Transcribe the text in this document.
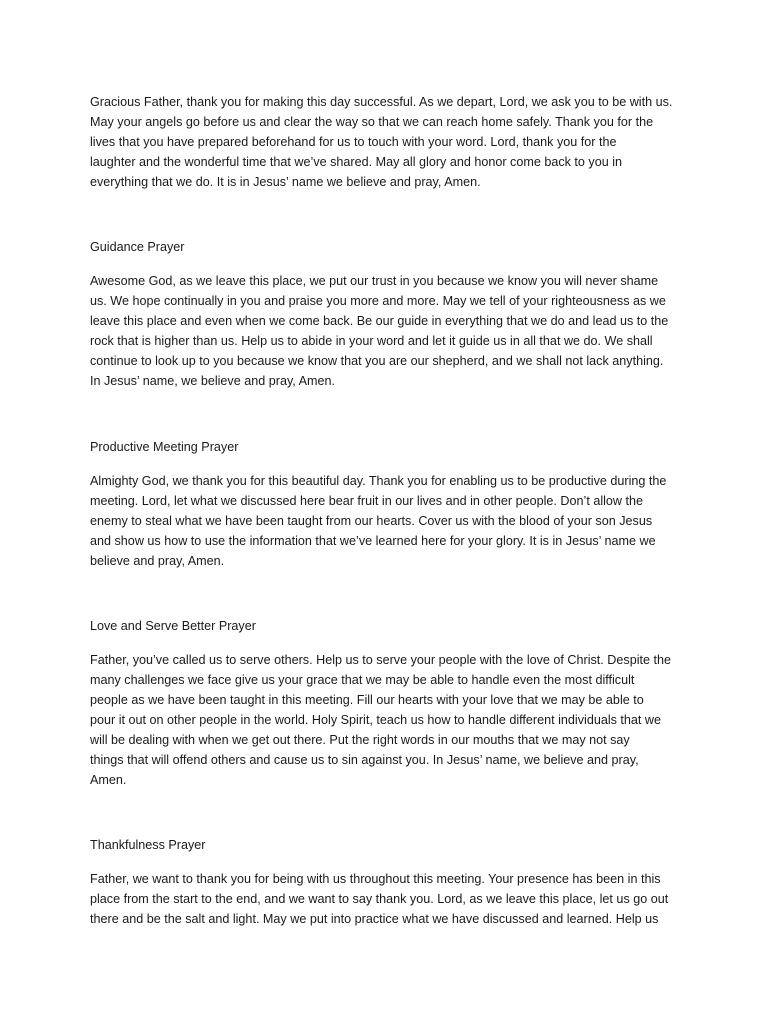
Gracious Father, thank you for making this day successful. As we depart, Lord, we ask you to be with us.
May your angels go before us and clear the way so that we can reach home safely. Thank you for the
lives that you have prepared beforehand for us to touch with your word. Lord, thank you for the
laughter and the wonderful time that we’ve shared. May all glory and honor come back to you in
everything that we do. It is in Jesus’ name we believe and pray, Amen.

Guidance Prayer

Awesome God, as we leave this place, we put our trust in you because we know you will never shame
us. We hope continually in you and praise you more and more. May we tell of your righteousness as we
leave this place and even when we come back. Be our guide in everything that we do and lead us to the
rock that is higher than us. Help us to abide in your word and let it guide us in all that we do. We shall
continue to look up to you because we know that you are our shepherd, and we shall not lack anything.
In Jesus’ name, we believe and pray, Amen.

Productive Meeting Prayer

Almighty God, we thank you for this beautiful day. Thank you for enabling us to be productive during the
meeting. Lord, let what we discussed here bear fruit in our lives and in other people. Don’t allow the
enemy to steal what we have been taught from our hearts. Cover us with the blood of your son Jesus
and show us how to use the information that we’ve learned here for your glory. It is in Jesus’ name we
believe and pray, Amen.

Love and Serve Better Prayer

Father, you’ve called us to serve others. Help us to serve your people with the love of Christ. Despite the
many challenges we face give us your grace that we may be able to handle even the most difficult
people as we have been taught in this meeting. Fill our hearts with your love that we may be able to
pour it out on other people in the world. Holy Spirit, teach us how to handle different individuals that we
will be dealing with when we get out there. Put the right words in our mouths that we may not say
things that will offend others and cause us to sin against you. In Jesus’ name, we believe and pray,
Amen.

Thankfulness Prayer

Father, we want to thank you for being with us throughout this meeting. Your presence has been in this
place from the start to the end, and we want to say thank you. Lord, as we leave this place, let us go out
there and be the salt and light. May we put into practice what we have discussed and learned. Help us
